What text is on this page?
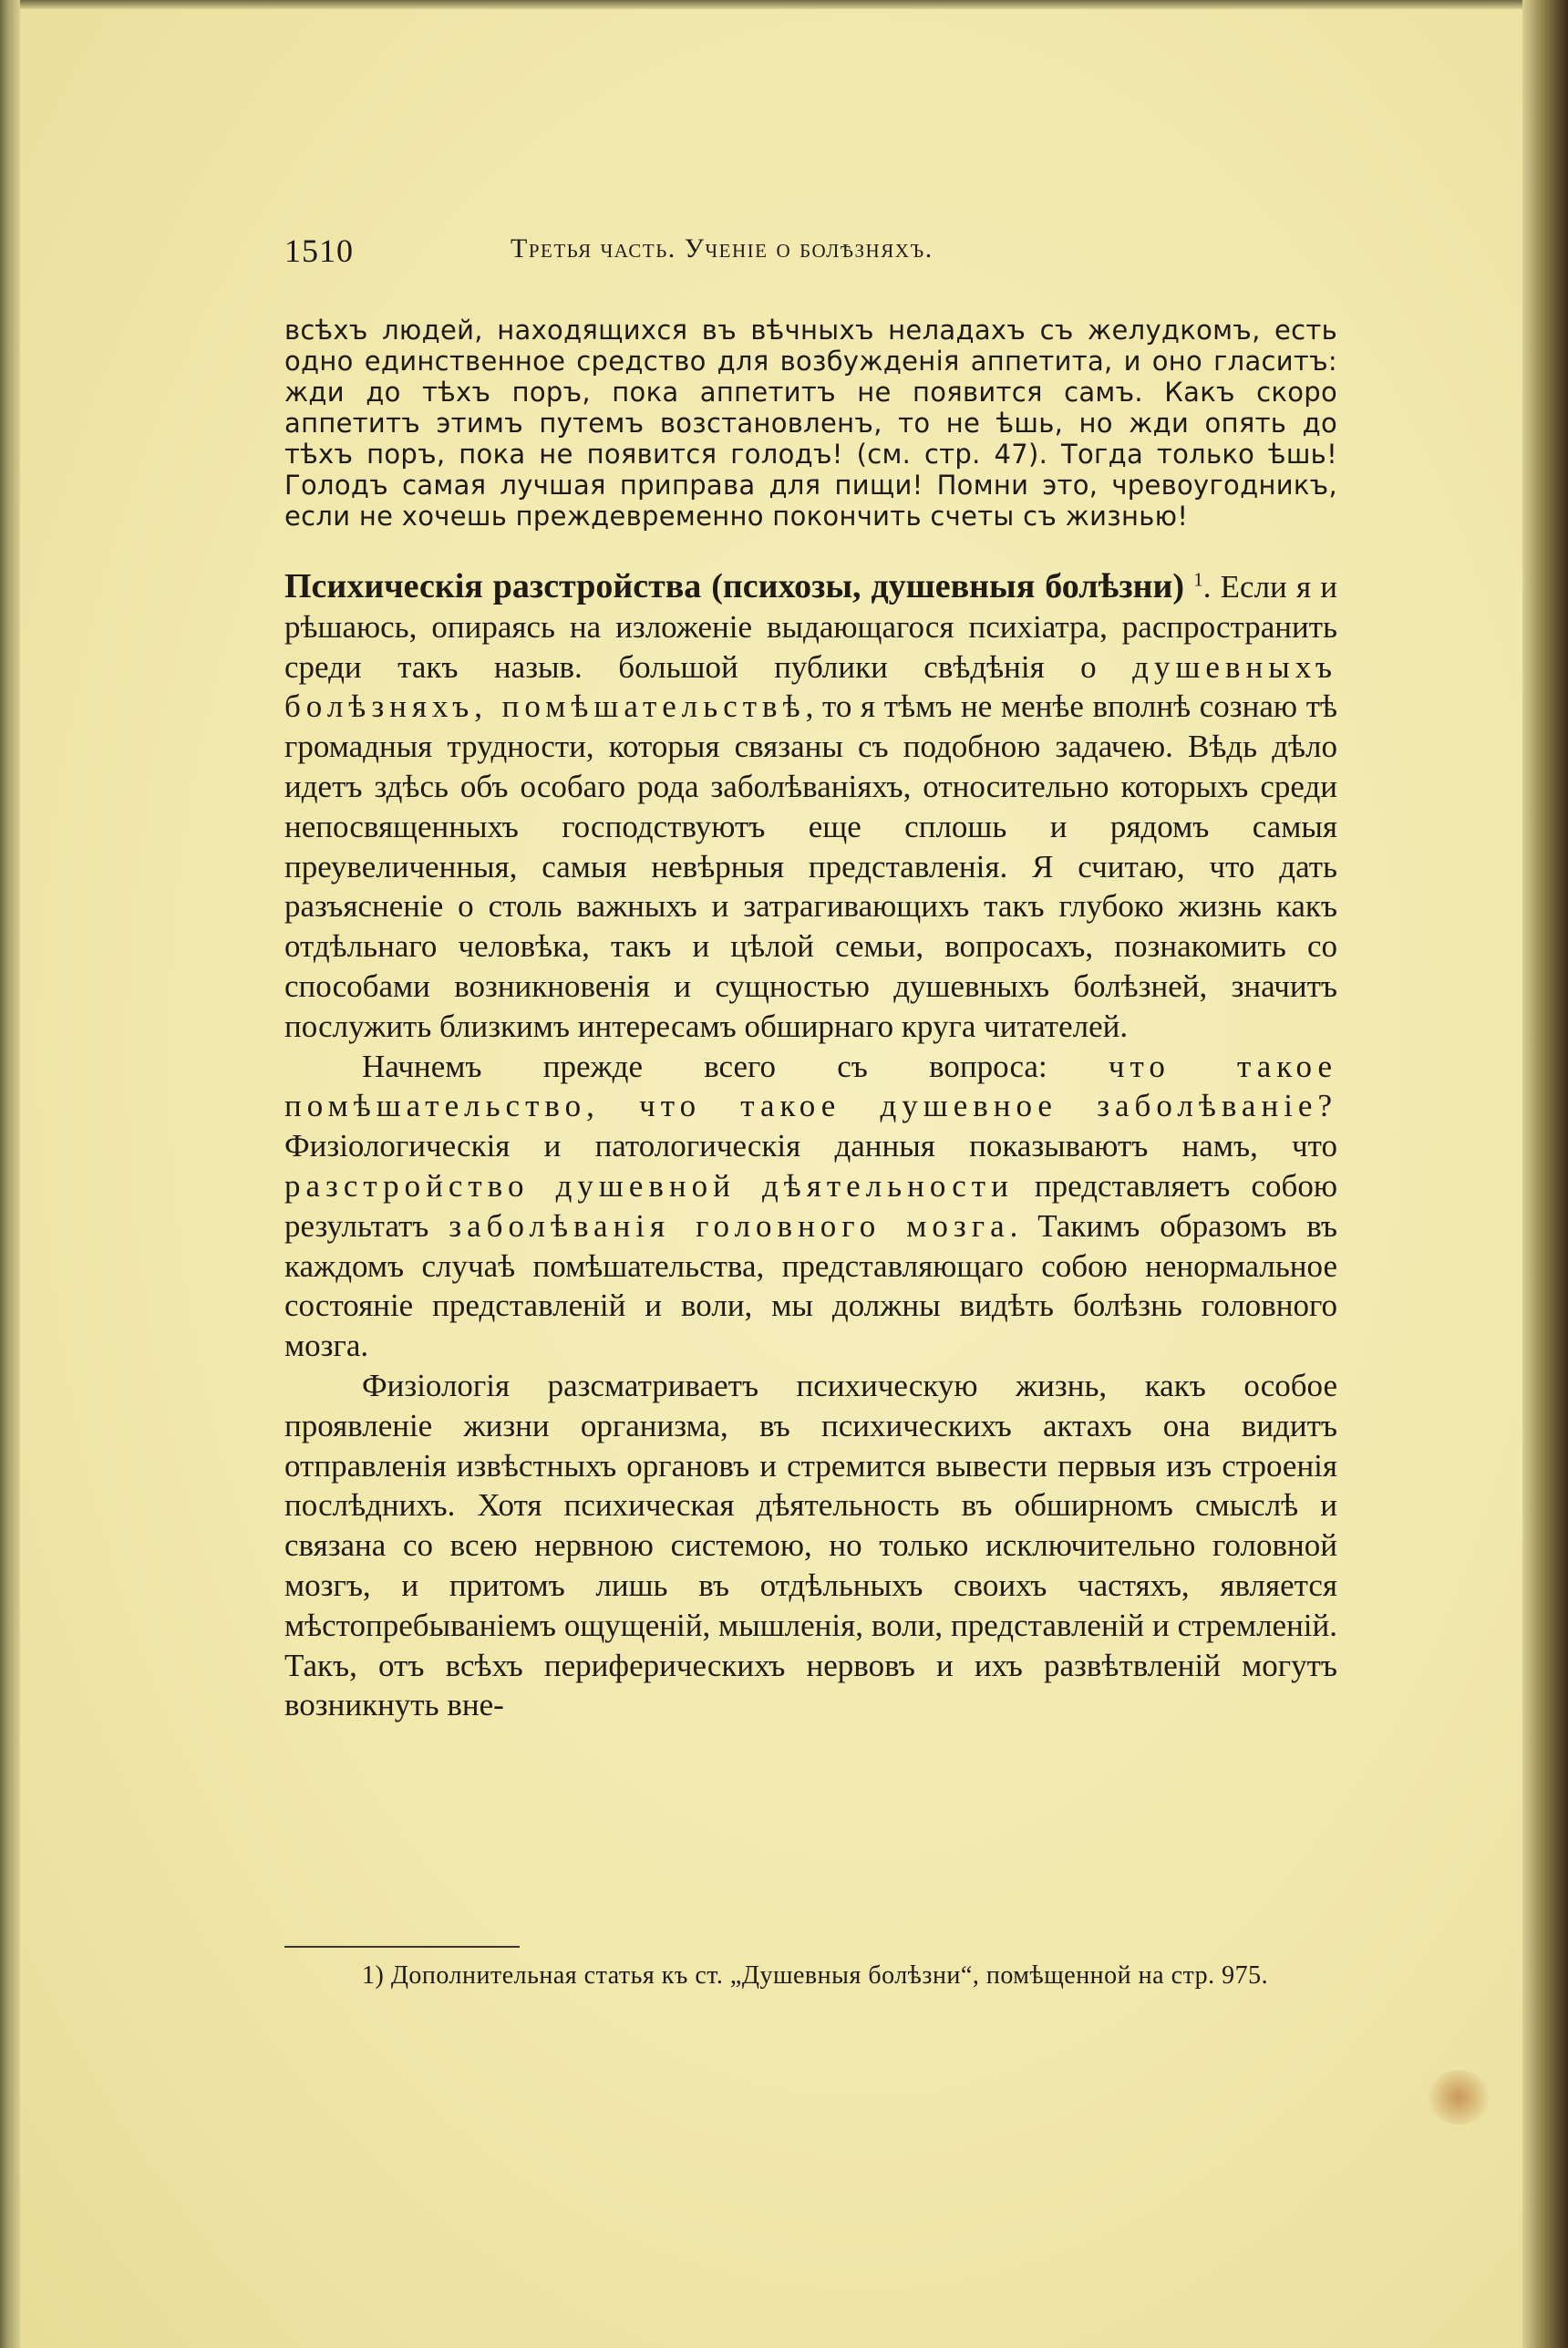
1510	Третья часть. Ученіе о болѣзняхъ.
всѣхъ людей, находящихся въ вѣчныхъ неладахъ съ желудкомъ, есть одно единственное средство для возбужденія аппетита, и оно гласитъ: жди до тѣхъ поръ, пока аппетитъ не появится самъ. Какъ скоро аппетитъ этимъ путемъ возстановленъ, то не ѣшь, но жди опять до тѣхъ поръ, пока не появится голодъ! (см. стр. 47). Тогда только ѣшь! Голодъ самая лучшая приправа для пищи! Помни это, чревоугодникъ, если не хочешь преждевременно покончить счеты съ жизнью!

Психическія разстройства (психозы, душевныя болѣзни) $^1$. Если я и рѣшаюсь, опираясь на изложеніе выдающагося психіатра, распространить среди такъ назыв. большой публики свѣдѣнія о душевныхъ болѣзняхъ, помѣшательствѣ, то я тѣмъ не менѣе вполнѣ сознаю тѣ громадныя трудности, которыя связаны съ подобною задачею. Вѣдь дѣло идетъ здѣсь объ особаго рода заболѣваніяхъ, относительно которыхъ среди непосвященныхъ господствуютъ еще сплошь и рядомъ самыя преувеличенныя, самыя невѣрныя представленія. Я считаю, что дать разъясненіе о столь важныхъ и затрагивающихъ такъ глубоко жизнь какъ отдѣльнаго человѣка, такъ и цѣлой семьи, вопросахъ, познакомить со способами возникновенія и сущностью душевныхъ болѣзней, значитъ послужить близкимъ интересамъ обширнаго круга читателей.

Начнемъ прежде всего съ вопроса: что такое помѣшательство, что такое душевное заболѣваніе? Физіологическія и патологическія данныя показываютъ намъ, что разстройство душевной дѣятельности представляетъ собою результатъ заболѣванія головного мозга. Такимъ образомъ въ каждомъ случаѣ помѣшательства, представляющаго собою ненормальное состояніе представленій и воли, мы должны видѣть болѣзнь головного мозга.

Физіологія разсматриваетъ психическую жизнь, какъ особое проявленіе жизни организма, въ психическихъ актахъ она видитъ отправленія извѣстныхъ органовъ и стремится вывести первыя изъ строенія послѣднихъ. Хотя психическая дѣятельность въ обширномъ смыслѣ и связана со всею нервною системою, но только исключительно головной мозгъ, и притомъ лишь въ отдѣльныхъ своихъ частяхъ, является мѣстопребываніемъ ощущеній, мышленія, воли, представленій и стремленій. Такъ, отъ всѣхъ периферическихъ нервовъ и ихъ развѣтвленій могутъ возникнуть вне-

1) Дополнительная статья къ ст. „Душевныя болѣзни“, помѣщенной на стр. 975.
